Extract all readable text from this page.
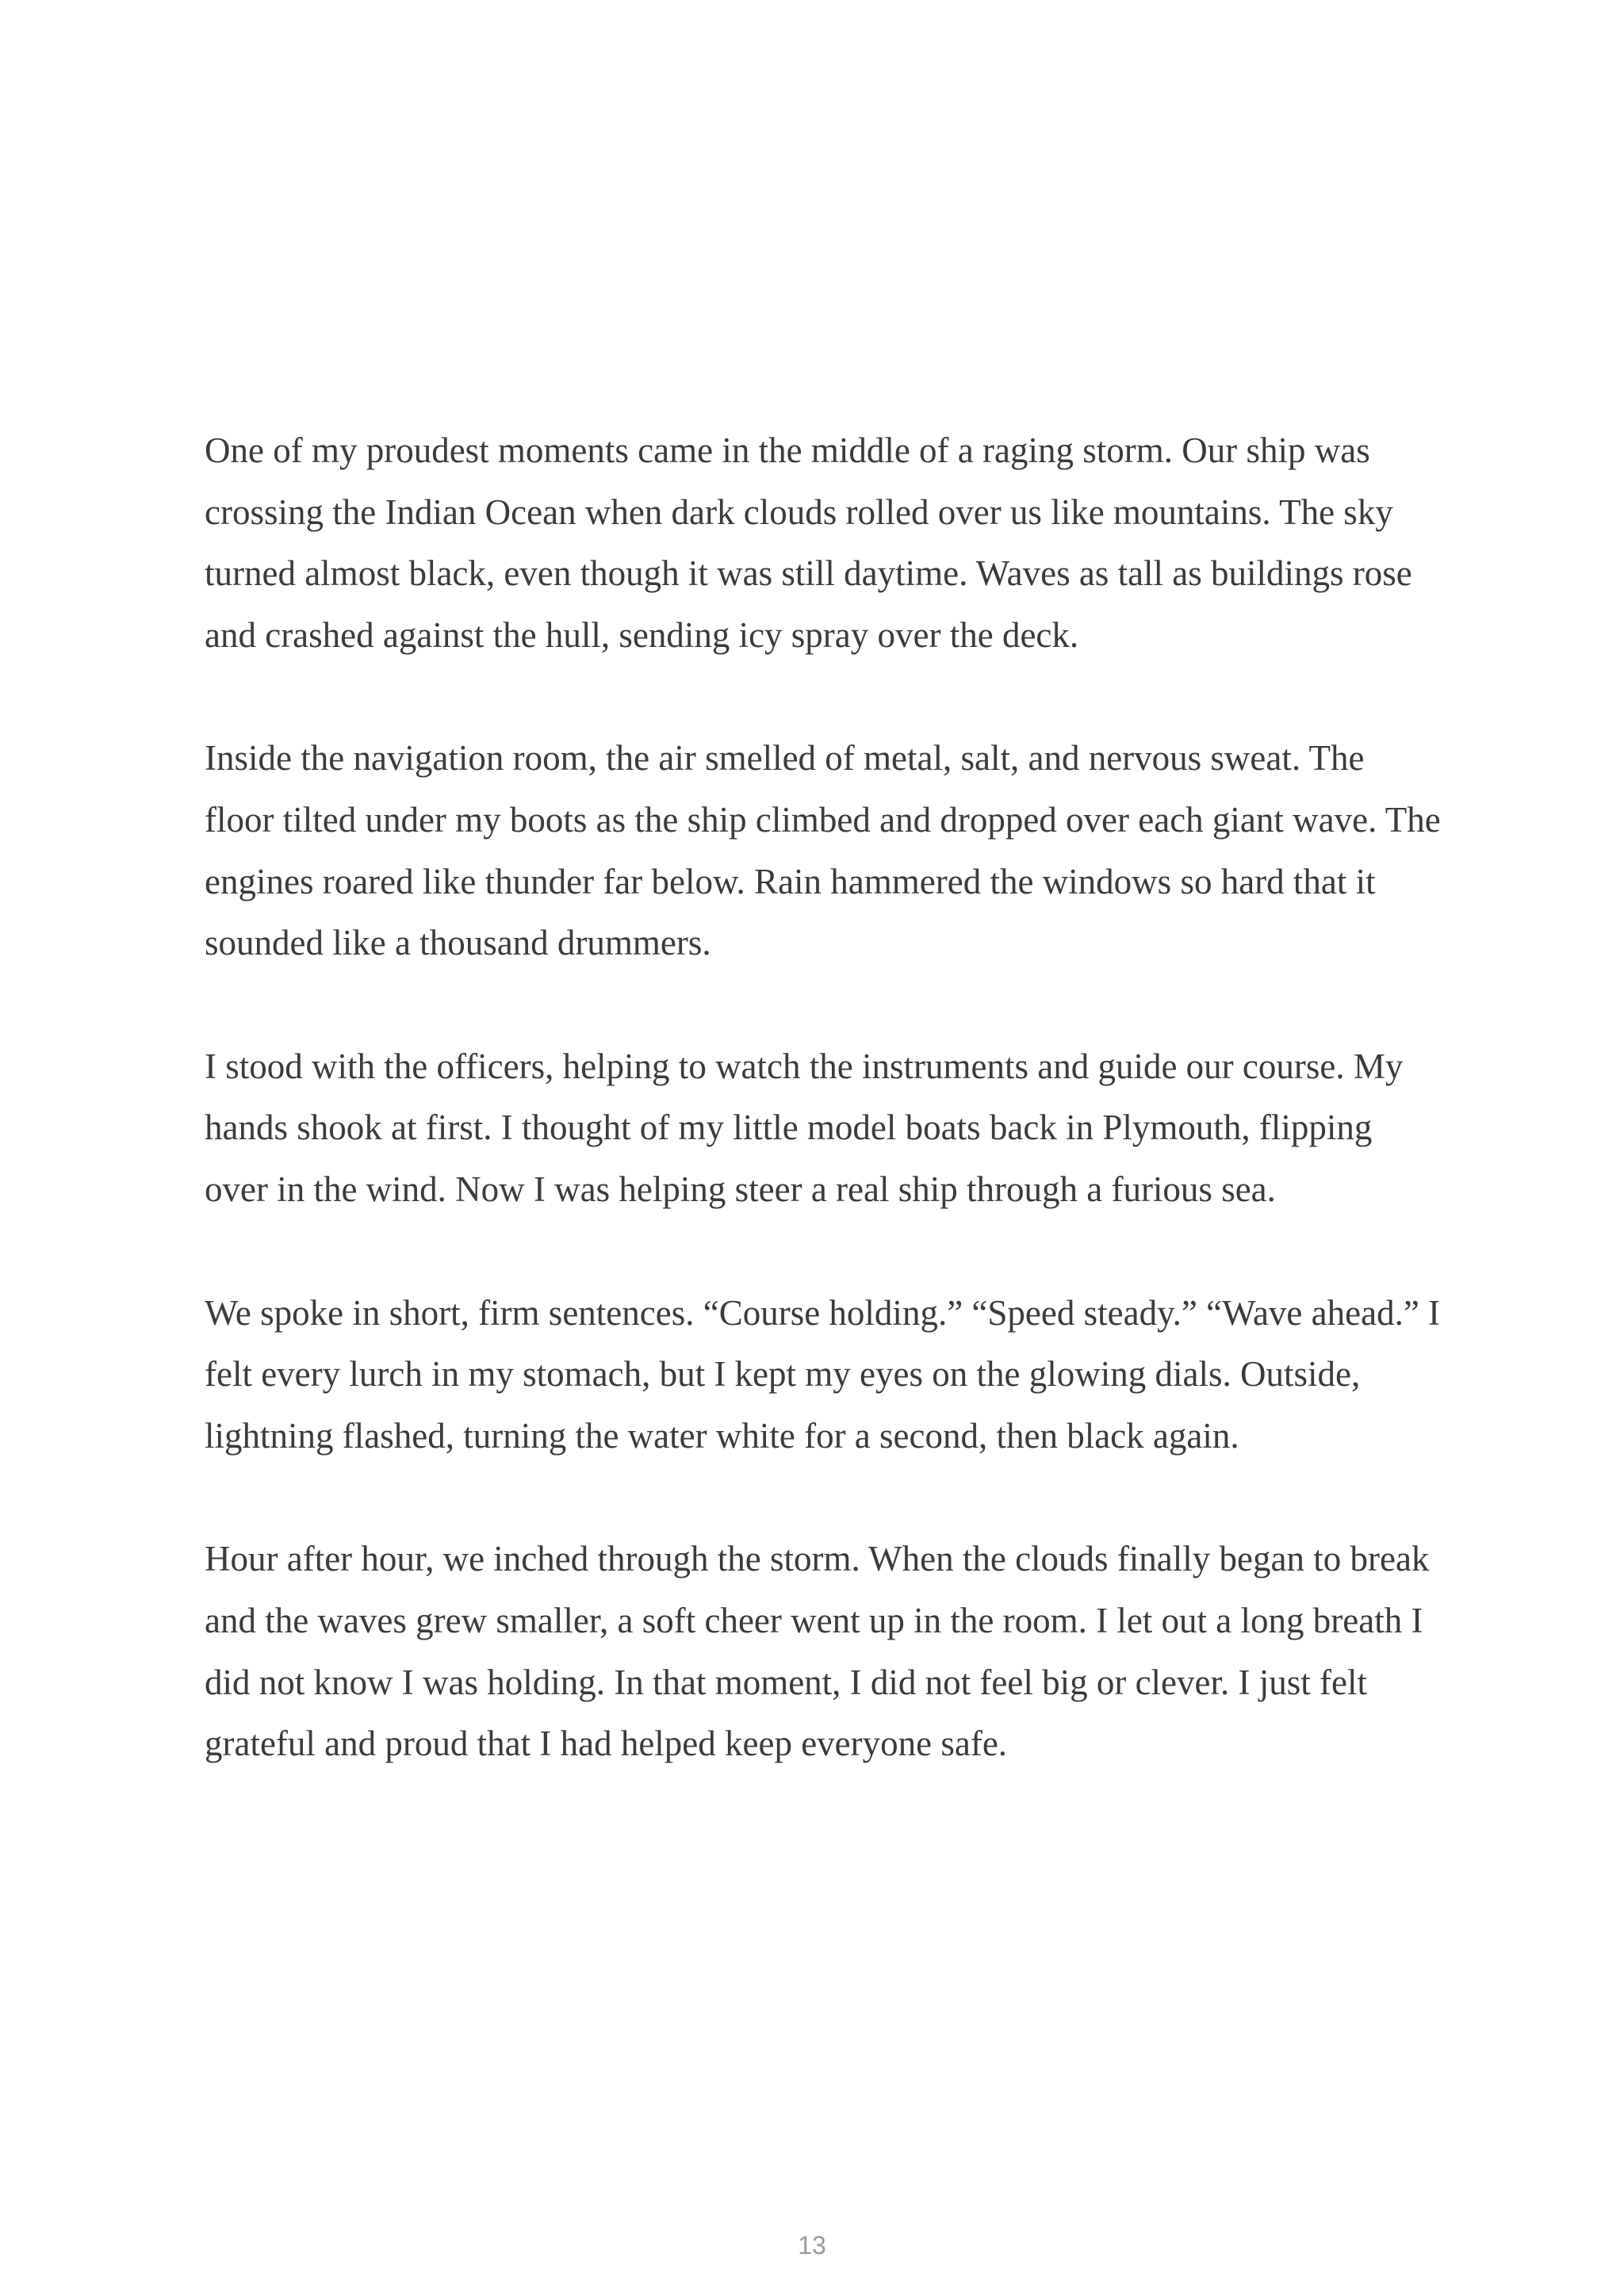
One of my proudest moments came in the middle of a raging storm. Our ship was crossing the Indian Ocean when dark clouds rolled over us like mountains. The sky turned almost black, even though it was still daytime. Waves as tall as buildings rose and crashed against the hull, sending icy spray over the deck.

Inside the navigation room, the air smelled of metal, salt, and nervous sweat. The floor tilted under my boots as the ship climbed and dropped over each giant wave. The engines roared like thunder far below. Rain hammered the windows so hard that it sounded like a thousand drummers.

I stood with the officers, helping to watch the instruments and guide our course. My hands shook at first. I thought of my little model boats back in Plymouth, flipping over in the wind. Now I was helping steer a real ship through a furious sea.

We spoke in short, firm sentences. “Course holding.” “Speed steady.” “Wave ahead.” I felt every lurch in my stomach, but I kept my eyes on the glowing dials. Outside, lightning flashed, turning the water white for a second, then black again.

Hour after hour, we inched through the storm. When the clouds finally began to break and the waves grew smaller, a soft cheer went up in the room. I let out a long breath I did not know I was holding. In that moment, I did not feel big or clever. I just felt grateful and proud that I had helped keep everyone safe.

13
